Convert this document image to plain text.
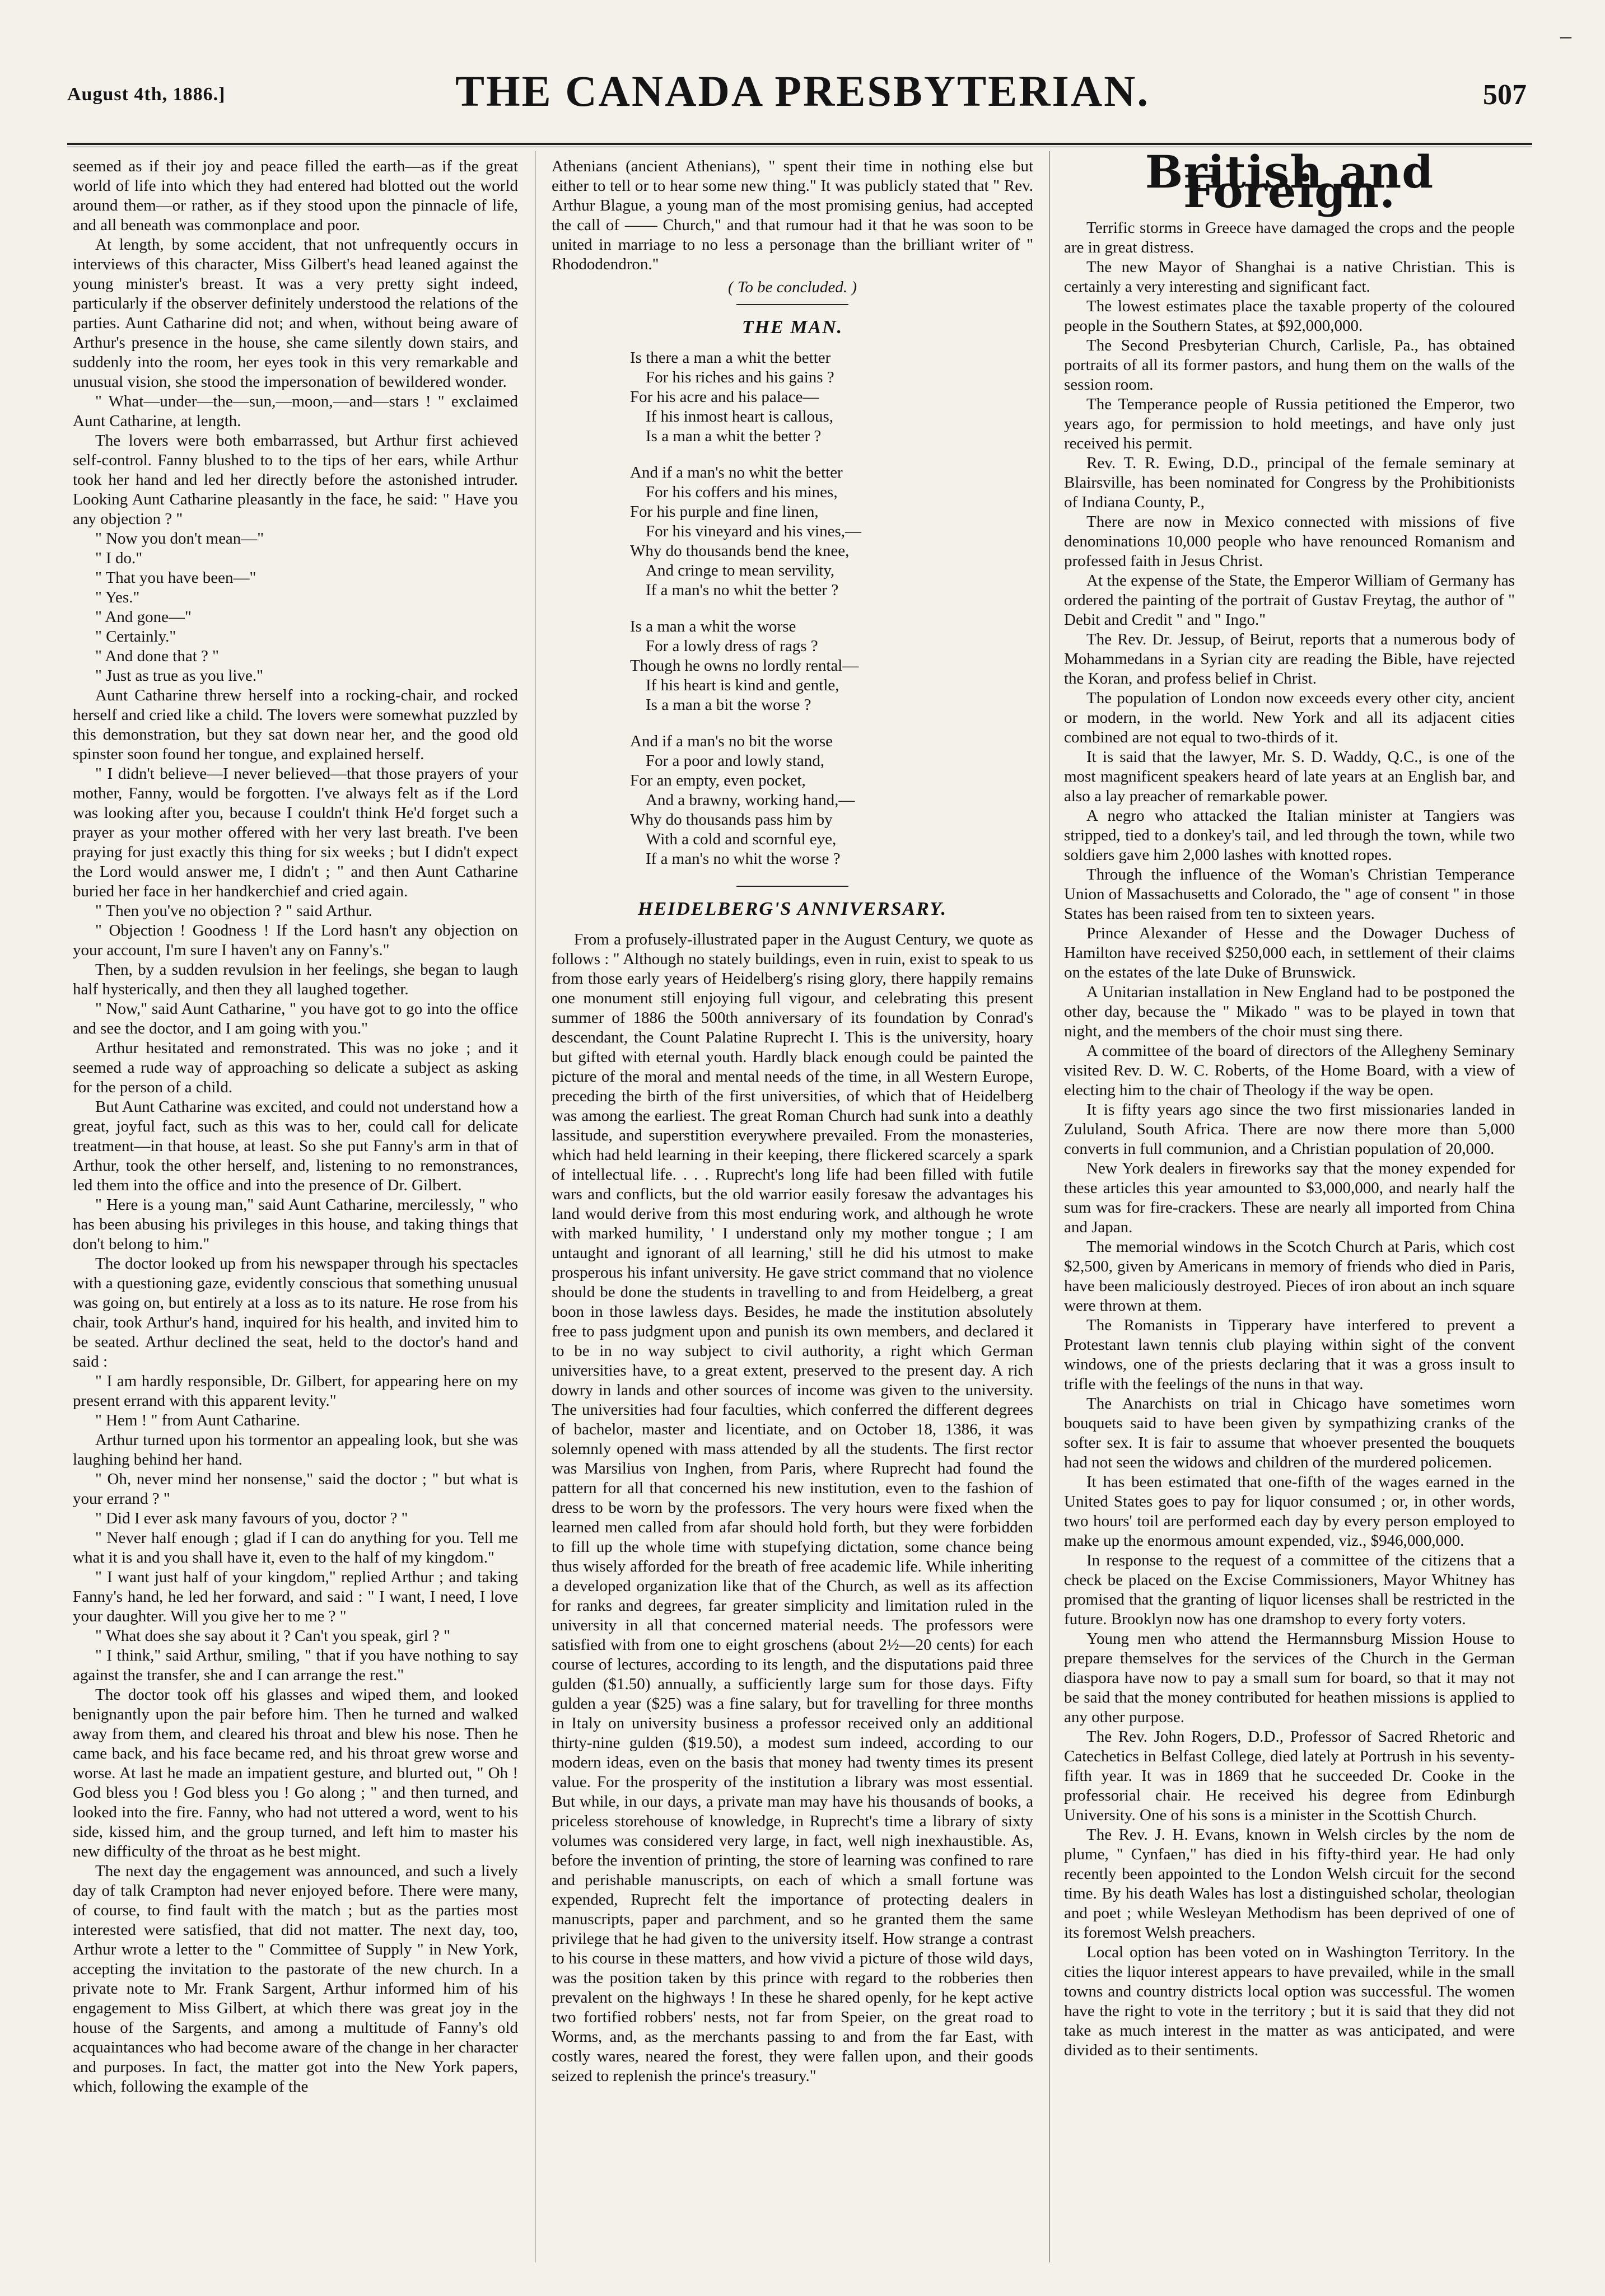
August 4th, 1886.]	THE CANADA PRESBYTERIAN.	507

seemed as if their joy and peace filled the earth—as if the great world of life into which they had entered had blotted out the world around them—or rather, as if they stood upon the pinnacle of life, and all beneath was commonplace and poor.

At length, by some accident, that not unfrequently occurs in interviews of this character, Miss Gilbert's head leaned against the young minister's breast. It was a very pretty sight indeed, particularly if the observer definitely understood the relations of the parties. Aunt Catharine did not; and when, without being aware of Arthur's presence in the house, she came silently down stairs, and suddenly into the room, her eyes took in this very remarkable and unusual vision, she stood the impersonation of bewildered wonder.

" What—under—the—sun,—moon,—and—stars ! " exclaimed Aunt Catharine, at length.

The lovers were both embarrassed, but Arthur first achieved self-control. Fanny blushed to to the tips of her ears, while Arthur took her hand and led her directly before the astonished intruder. Looking Aunt Catharine pleasantly in the face, he said: " Have you any objection ? "

" Now you don't mean—"

" I do."

" That you have been—"

" Yes."

" And gone—"

" Certainly."

" And done that ? "

" Just as true as you live."

Aunt Catharine threw herself into a rocking-chair, and rocked herself and cried like a child. The lovers were somewhat puzzled by this demonstration, but they sat down near her, and the good old spinster soon found her tongue, and explained herself.

" I didn't believe—I never believed—that those prayers of your mother, Fanny, would be forgotten. I've always felt as if the Lord was looking after you, because I couldn't think He'd forget such a prayer as your mother offered with her very last breath. I've been praying for just exactly this thing for six weeks ; but I didn't expect the Lord would answer me, I didn't ; " and then Aunt Catharine buried her face in her handkerchief and cried again.

" Then you've no objection ? " said Arthur.

" Objection ! Goodness ! If the Lord hasn't any objection on your account, I'm sure I haven't any on Fanny's."

Then, by a sudden revulsion in her feelings, she began to laugh half hysterically, and then they all laughed together.

" Now," said Aunt Catharine, " you have got to go into the office and see the doctor, and I am going with you."

Arthur hesitated and remonstrated. This was no joke ; and it seemed a rude way of approaching so delicate a subject as asking for the person of a child.

But Aunt Catharine was excited, and could not understand how a great, joyful fact, such as this was to her, could call for delicate treatment—in that house, at least. So she put Fanny's arm in that of Arthur, took the other herself, and, listening to no remonstrances, led them into the office and into the presence of Dr. Gilbert.

" Here is a young man," said Aunt Catharine, mercilessly, " who has been abusing his privileges in this house, and taking things that don't belong to him."

The doctor looked up from his newspaper through his spectacles with a questioning gaze, evidently conscious that something unusual was going on, but entirely at a loss as to its nature. He rose from his chair, took Arthur's hand, inquired for his health, and invited him to be seated. Arthur declined the seat, held to the doctor's hand and said :

" I am hardly responsible, Dr. Gilbert, for appearing here on my present errand with this apparent levity."

" Hem ! " from Aunt Catharine.

Arthur turned upon his tormentor an appealing look, but she was laughing behind her hand.

" Oh, never mind her nonsense," said the doctor ; " but what is your errand ? "

" Did I ever ask many favours of you, doctor ? "

" Never half enough ; glad if I can do anything for you. Tell me what it is and you shall have it, even to the half of my kingdom."

" I want just half of your kingdom," replied Arthur ; and taking Fanny's hand, he led her forward, and said : " I want, I need, I love your daughter. Will you give her to me ? "

" What does she say about it ? Can't you speak, girl ? "

" I think," said Arthur, smiling, " that if you have nothing to say against the transfer, she and I can arrange the rest."

The doctor took off his glasses and wiped them, and looked benignantly upon the pair before him. Then he turned and walked away from them, and cleared his throat and blew his nose. Then he came back, and his face became red, and his throat grew worse and worse. At last he made an impatient gesture, and blurted out, " Oh ! God bless you ! God bless you ! Go along ; " and then turned, and looked into the fire. Fanny, who had not uttered a word, went to his side, kissed him, and the group turned, and left him to master his new difficulty of the throat as he best might.

The next day the engagement was announced, and such a lively day of talk Crampton had never enjoyed before. There were many, of course, to find fault with the match ; but as the parties most interested were satisfied, that did not matter. The next day, too, Arthur wrote a letter to the " Committee of Supply " in New York, accepting the invitation to the pastorate of the new church. In a private note to Mr. Frank Sargent, Arthur informed him of his engagement to Miss Gilbert, at which there was great joy in the house of the Sargents, and among a multitude of Fanny's old acquaintances who had become aware of the change in her character and purposes. In fact, the matter got into the New York papers, which, following the example of the

Athenians (ancient Athenians), " spent their time in nothing else but either to tell or to hear some new thing." It was publicly stated that " Rev. Arthur Blague, a young man of the most promising genius, had accepted the call of —— Church," and that rumour had it that he was soon to be united in marriage to no less a personage than the brilliant writer of " Rhododendron."

( To be concluded. )
THE MAN.
Is there a man a whit the better
For his riches and his gains ?
For his acre and his palace—
If his inmost heart is callous,
Is a man a whit the better ?
And if a man's no whit the better
For his coffers and his mines,
For his purple and fine linen,
For his vineyard and his vines,—
Why do thousands bend the knee,
And cringe to mean servility,
If a man's no whit the better ?
Is a man a whit the worse
For a lowly dress of rags ?
Though he owns no lordly rental—
If his heart is kind and gentle,
Is a man a bit the worse ?
And if a man's no bit the worse
For a poor and lowly stand,
For an empty, even pocket,
And a brawny, working hand,—
Why do thousands pass him by
With a cold and scornful eye,
If a man's no whit the worse ?
HEIDELBERG'S ANNIVERSARY.

From a profusely-illustrated paper in the August Century, we quote as follows : " Although no stately buildings, even in ruin, exist to speak to us from those early years of Heidelberg's rising glory, there happily remains one monument still enjoying full vigour, and celebrating this present summer of 1886 the 500th anniversary of its foundation by Conrad's descendant, the Count Palatine Ruprecht I. This is the university, hoary but gifted with eternal youth. Hardly black enough could be painted the picture of the moral and mental needs of the time, in all Western Europe, preceding the birth of the first universities, of which that of Heidelberg was among the earliest. The great Roman Church had sunk into a deathly lassitude, and superstition everywhere prevailed. From the monasteries, which had held learning in their keeping, there flickered scarcely a spark of intellectual life. . . . Ruprecht's long life had been filled with futile wars and conflicts, but the old warrior easily foresaw the advantages his land would derive from this most enduring work, and although he wrote with marked humility, ' I understand only my mother tongue ; I am untaught and ignorant of all learning,' still he did his utmost to make prosperous his infant university. He gave strict command that no violence should be done the students in travelling to and from Heidelberg, a great boon in those lawless days. Besides, he made the institution absolutely free to pass judgment upon and punish its own members, and declared it to be in no way subject to civil authority, a right which German universities have, to a great extent, preserved to the present day. A rich dowry in lands and other sources of income was given to the university. The universities had four faculties, which conferred the different degrees of bachelor, master and licentiate, and on October 18, 1386, it was solemnly opened with mass attended by all the students. The first rector was Marsilius von Inghen, from Paris, where Ruprecht had found the pattern for all that concerned his new institution, even to the fashion of dress to be worn by the professors. The very hours were fixed when the learned men called from afar should hold forth, but they were forbidden to fill up the whole time with stupefying dictation, some chance being thus wisely afforded for the breath of free academic life. While inheriting a developed organization like that of the Church, as well as its affection for ranks and degrees, far greater simplicity and limitation ruled in the university in all that concerned material needs. The professors were satisfied with from one to eight groschens (about 2½—20 cents) for each course of lectures, according to its length, and the disputations paid three gulden ($1.50) annually, a sufficiently large sum for those days. Fifty gulden a year ($25) was a fine salary, but for travelling for three months in Italy on university business a professor received only an additional thirty-nine gulden ($19.50), a modest sum indeed, according to our modern ideas, even on the basis that money had twenty times its present value. For the prosperity of the institution a library was most essential. But while, in our days, a private man may have his thousands of books, a priceless storehouse of knowledge, in Ruprecht's time a library of sixty volumes was considered very large, in fact, well nigh inexhaustible. As, before the invention of printing, the store of learning was confined to rare and perishable manuscripts, on each of which a small fortune was expended, Ruprecht felt the importance of protecting dealers in manuscripts, paper and parchment, and so he granted them the same privilege that he had given to the university itself. How strange a contrast to his course in these matters, and how vivid a picture of those wild days, was the position taken by this prince with regard to the robberies then prevalent on the highways ! In these he shared openly, for he kept active two fortified robbers' nests, not far from Speier, on the great road to Worms, and, as the merchants passing to and from the far East, with costly wares, neared the forest, they were fallen upon, and their goods seized to replenish the prince's treasury."

British and Foreign.

Terrific storms in Greece have damaged the crops and the people are in great distress.

The new Mayor of Shanghai is a native Christian. This is certainly a very interesting and significant fact.

The lowest estimates place the taxable property of the coloured people in the Southern States, at $92,000,000.

The Second Presbyterian Church, Carlisle, Pa., has obtained portraits of all its former pastors, and hung them on the walls of the session room.

The Temperance people of Russia petitioned the Emperor, two years ago, for permission to hold meetings, and have only just received his permit.

Rev. T. R. Ewing, D.D., principal of the female seminary at Blairsville, has been nominated for Congress by the Prohibitionists of Indiana County, P.,

There are now in Mexico connected with missions of five denominations 10,000 people who have renounced Romanism and professed faith in Jesus Christ.

At the expense of the State, the Emperor William of Germany has ordered the painting of the portrait of Gustav Freytag, the author of " Debit and Credit " and " Ingo."

The Rev. Dr. Jessup, of Beirut, reports that a numerous body of Mohammedans in a Syrian city are reading the Bible, have rejected the Koran, and profess belief in Christ.

The population of London now exceeds every other city, ancient or modern, in the world. New York and all its adjacent cities combined are not equal to two-thirds of it.

It is said that the lawyer, Mr. S. D. Waddy, Q.C., is one of the most magnificent speakers heard of late years at an English bar, and also a lay preacher of remarkable power.

A negro who attacked the Italian minister at Tangiers was stripped, tied to a donkey's tail, and led through the town, while two soldiers gave him 2,000 lashes with knotted ropes.

Through the influence of the Woman's Christian Temperance Union of Massachusetts and Colorado, the " age of consent " in those States has been raised from ten to sixteen years.

Prince Alexander of Hesse and the Dowager Duchess of Hamilton have received $250,000 each, in settlement of their claims on the estates of the late Duke of Brunswick.

A Unitarian installation in New England had to be postponed the other day, because the " Mikado " was to be played in town that night, and the members of the choir must sing there.

A committee of the board of directors of the Allegheny Seminary visited Rev. D. W. C. Roberts, of the Home Board, with a view of electing him to the chair of Theology if the way be open.

It is fifty years ago since the two first missionaries landed in Zululand, South Africa. There are now there more than 5,000 converts in full communion, and a Christian population of 20,000.

New York dealers in fireworks say that the money expended for these articles this year amounted to $3,000,000, and nearly half the sum was for fire-crackers. These are nearly all imported from China and Japan.

The memorial windows in the Scotch Church at Paris, which cost $2,500, given by Americans in memory of friends who died in Paris, have been maliciously destroyed. Pieces of iron about an inch square were thrown at them.

The Romanists in Tipperary have interfered to prevent a Protestant lawn tennis club playing within sight of the convent windows, one of the priests declaring that it was a gross insult to trifle with the feelings of the nuns in that way.

The Anarchists on trial in Chicago have sometimes worn bouquets said to have been given by sympathizing cranks of the softer sex. It is fair to assume that whoever presented the bouquets had not seen the widows and children of the murdered policemen.

It has been estimated that one-fifth of the wages earned in the United States goes to pay for liquor consumed ; or, in other words, two hours' toil are performed each day by every person employed to make up the enormous amount expended, viz., $946,000,000.

In response to the request of a committee of the citizens that a check be placed on the Excise Commissioners, Mayor Whitney has promised that the granting of liquor licenses shall be restricted in the future. Brooklyn now has one dramshop to every forty voters.

Young men who attend the Hermannsburg Mission House to prepare themselves for the services of the Church in the German diaspora have now to pay a small sum for board, so that it may not be said that the money contributed for heathen missions is applied to any other purpose.

The Rev. John Rogers, D.D., Professor of Sacred Rhetoric and Catechetics in Belfast College, died lately at Portrush in his seventy-fifth year. It was in 1869 that he succeeded Dr. Cooke in the professorial chair. He received his degree from Edinburgh University. One of his sons is a minister in the Scottish Church.

The Rev. J. H. Evans, known in Welsh circles by the nom de plume, " Cynfaen," has died in his fifty-third year. He had only recently been appointed to the London Welsh circuit for the second time. By his death Wales has lost a distinguished scholar, theologian and poet ; while Wesleyan Methodism has been deprived of one of its foremost Welsh preachers.

Local option has been voted on in Washington Territory. In the cities the liquor interest appears to have prevailed, while in the small towns and country districts local option was successful. The women have the right to vote in the territory ; but it is said that they did not take as much interest in the matter as was anticipated, and were divided as to their sentiments.

–
